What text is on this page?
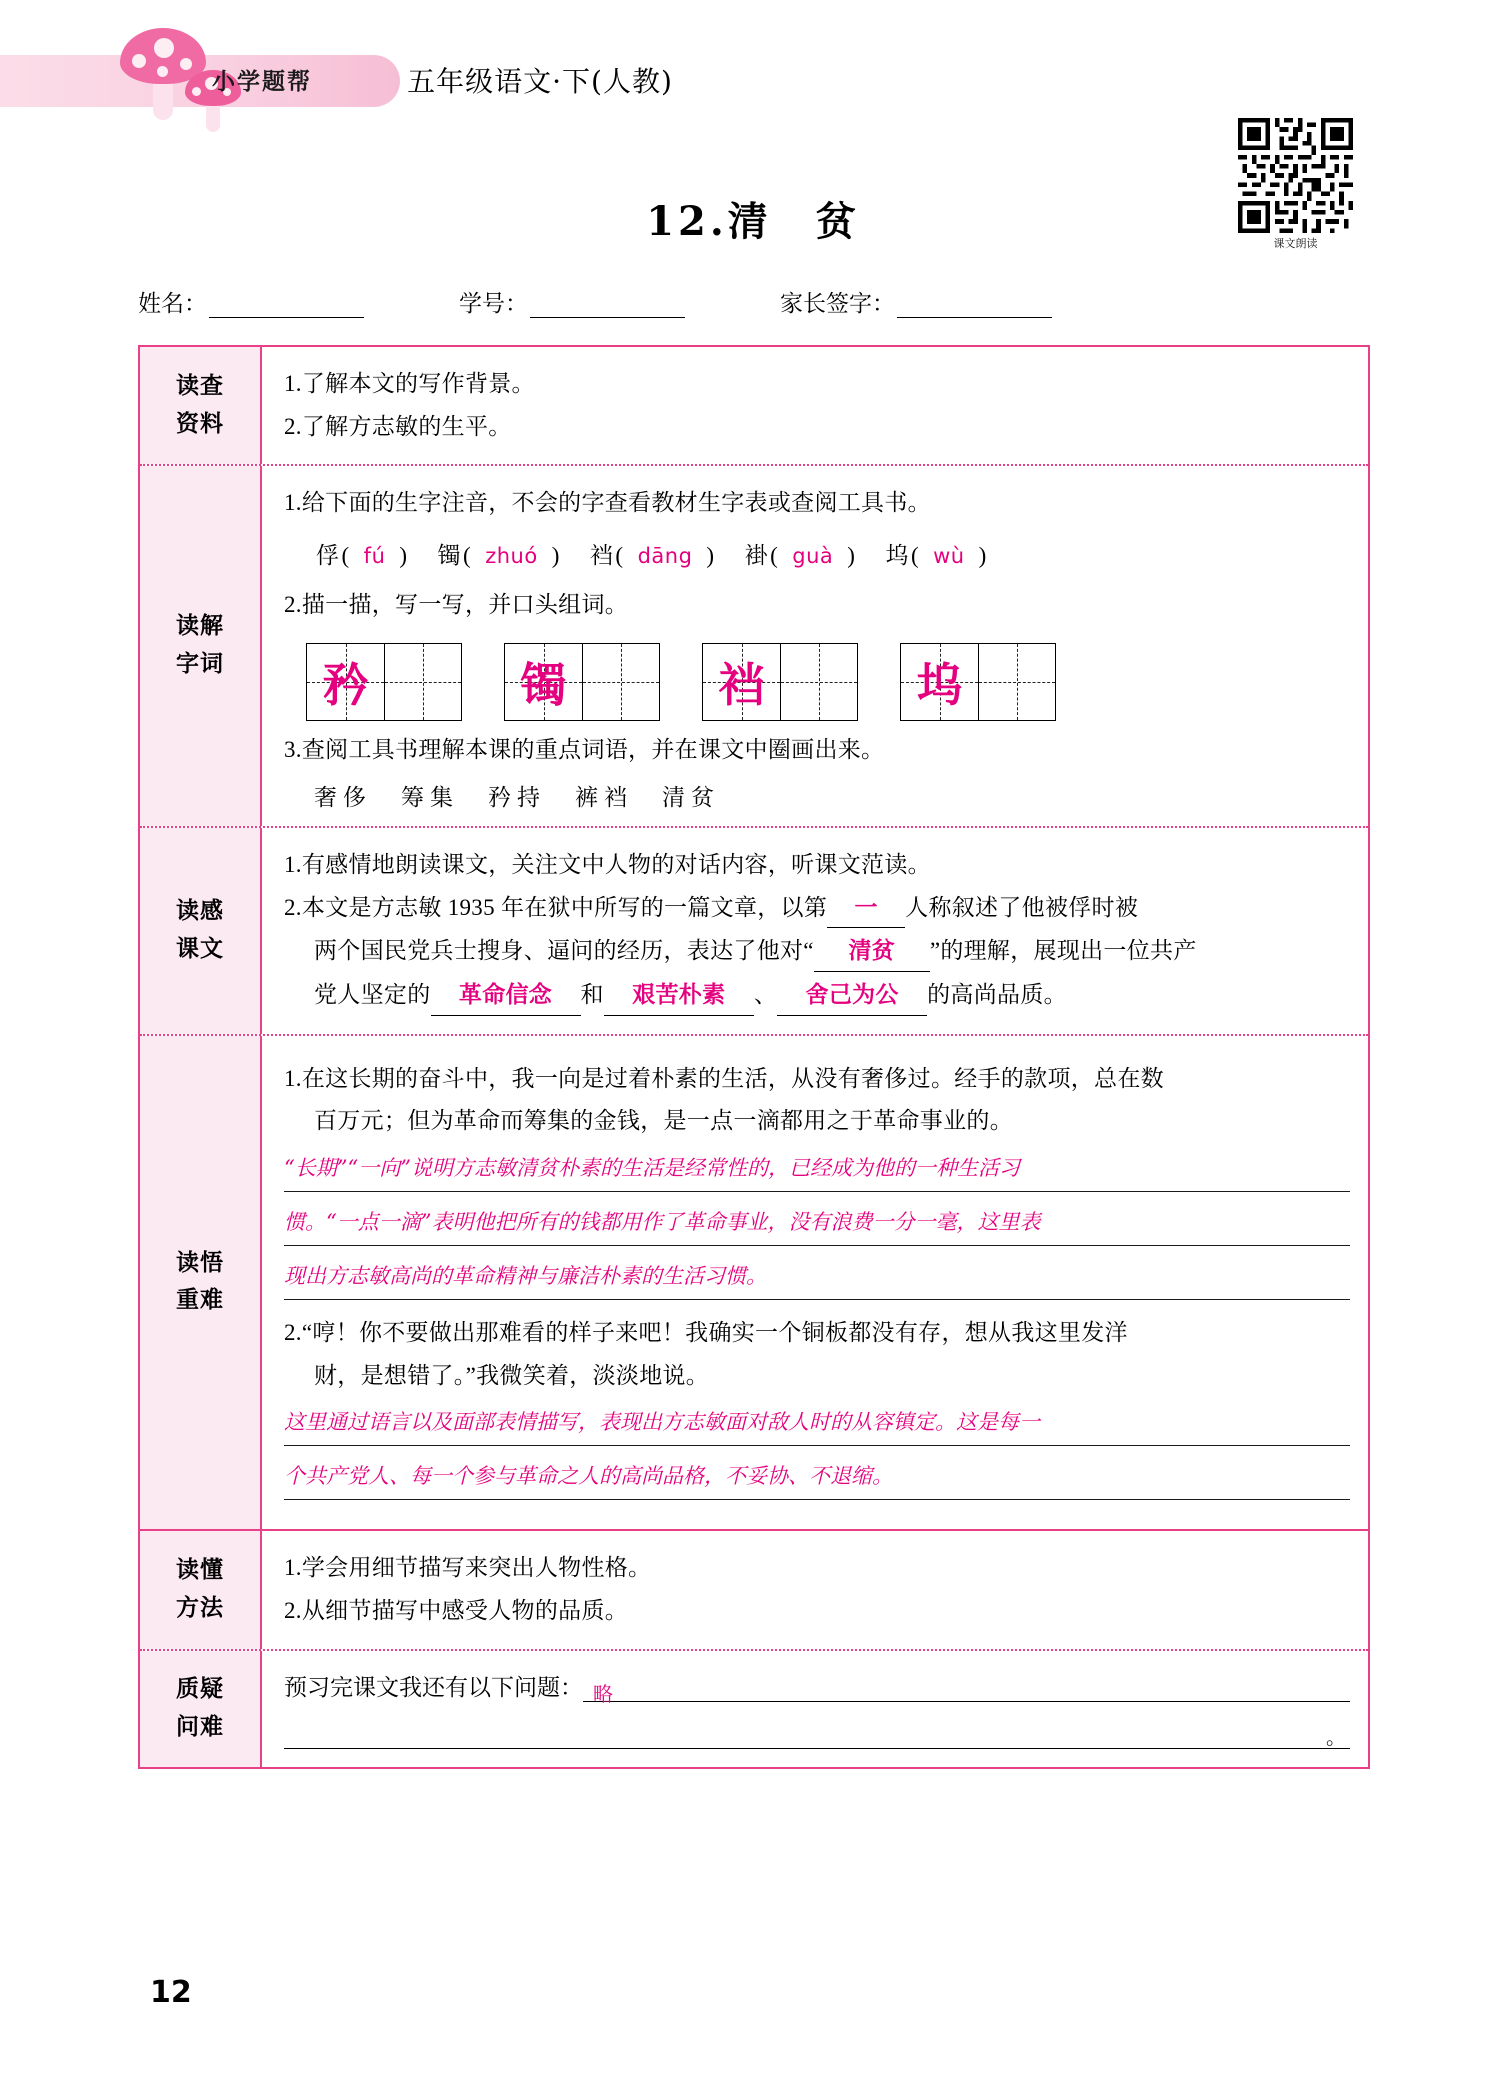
小学题帮	五年级语文·下(人教)
课文朗读
12.清　贫
姓名：	学号：	家长签字：
读查
资料
1.了解本文的写作背景。
2.了解方志敏的生平。
读解
字词
1.给下面的生字注音，不会的字查看教材生字表或查阅工具书。
俘( fú ) 镯( zhuó ) 裆( dāng ) 褂( guà ) 坞( wù )
2.描一描，写一写，并口头组词。
矜	镯	裆	坞
3.查阅工具书理解本课的重点词语，并在课文中圈画出来。
奢侈　筹集　矜持　裤裆　清贫
读感
课文
1.有感情地朗读课文，关注文中人物的对话内容，听课文范读。
2.本文是方志敏 1935 年在狱中所写的一篇文章，以第 一 人称叙述了他被俘时被
两个国民党兵士搜身、逼问的经历，表达了他对“ 清贫 ”的理解，展现出一位共产
党人坚定的 革命信念 和 艰苦朴素 、 舍己为公 的高尚品质。
读悟
重难
1.在这长期的奋斗中，我一向是过着朴素的生活，从没有奢侈过。经手的款项，总在数
百万元；但为革命而筹集的金钱，是一点一滴都用之于革命事业的。
“长期”“一向”说明方志敏清贫朴素的生活是经常性的，已经成为他的一种生活习
惯。“一点一滴”表明他把所有的钱都用作了革命事业，没有浪费一分一毫，这里表
现出方志敏高尚的革命精神与廉洁朴素的生活习惯。
2.“哼！你不要做出那难看的样子来吧！我确实一个铜板都没有存，想从我这里发洋
财，是想错了。”我微笑着，淡淡地说。
这里通过语言以及面部表情描写，表现出方志敏面对敌人时的从容镇定。这是每一
个共产党人、每一个参与革命之人的高尚品格，不妥协、不退缩。
读懂
方法
1.学会用细节描写来突出人物性格。
2.从细节描写中感受人物的品质。
质疑
问难
预习完课文我还有以下问题： 略
。
12
